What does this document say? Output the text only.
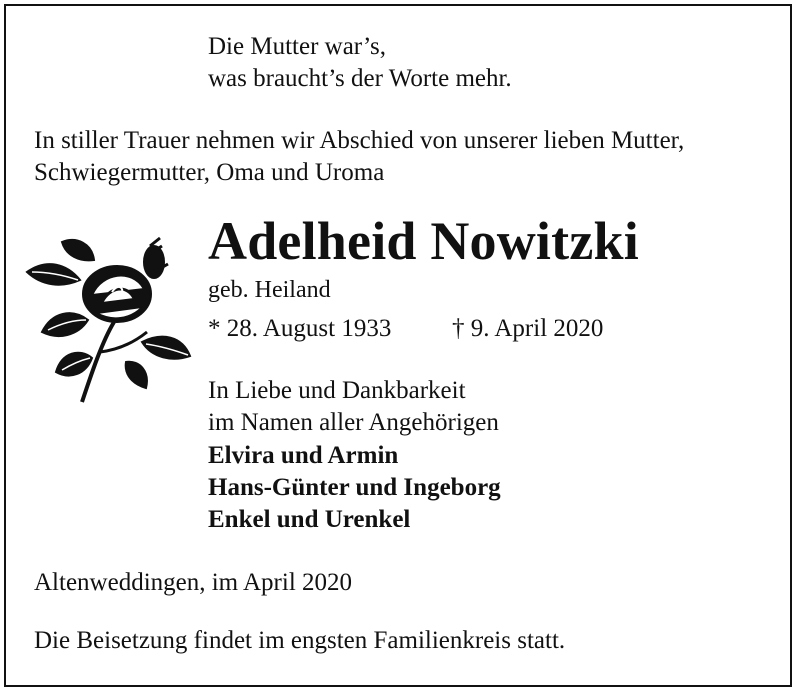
Die Mutter war’s,
was braucht’s der Worte mehr.
In stiller Trauer nehmen wir Abschied von unserer lieben Mutter,
Schwiegermutter, Oma und Uroma
Adelheid Nowitzki
geb. Heiland
* 28. August 1933 † 9. April 2020
In Liebe und Dankbarkeit
im Namen aller Angehörigen
Elvira und Armin
Hans-Günter und Ingeborg
Enkel und Urenkel
Altenweddingen, im April 2020
Die Beisetzung findet im engsten Familienkreis statt.
